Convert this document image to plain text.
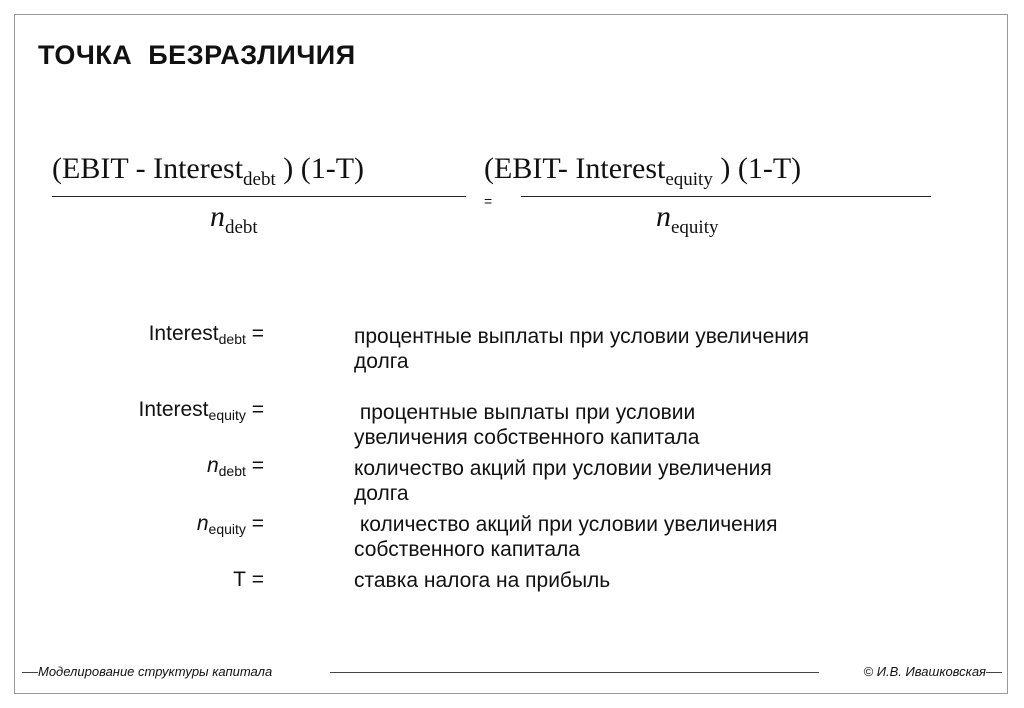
ТОЧКА  БЕЗРАЗЛИЧИЯ
(EBIT - Interest$_{debt}$ ) (1-T)
$n_{debt}$
=
(EBIT- Interest$_{equity}$ ) (1-T)
$n_{equity}$
Interest$_{debt}$ =	процентные выплаты при условии увеличения
долга
Interest$_{equity}$ =	процентные выплаты при условии
увеличения собственного капитала
$n_{debt}$ =	количество акций при условии увеличения
долга
$n_{equity}$ =	количество акций при условии увеличения
собственного капитала
T =	ставка налога на прибыль
Моделирование структуры капитала	© И.В. Ивашковская
